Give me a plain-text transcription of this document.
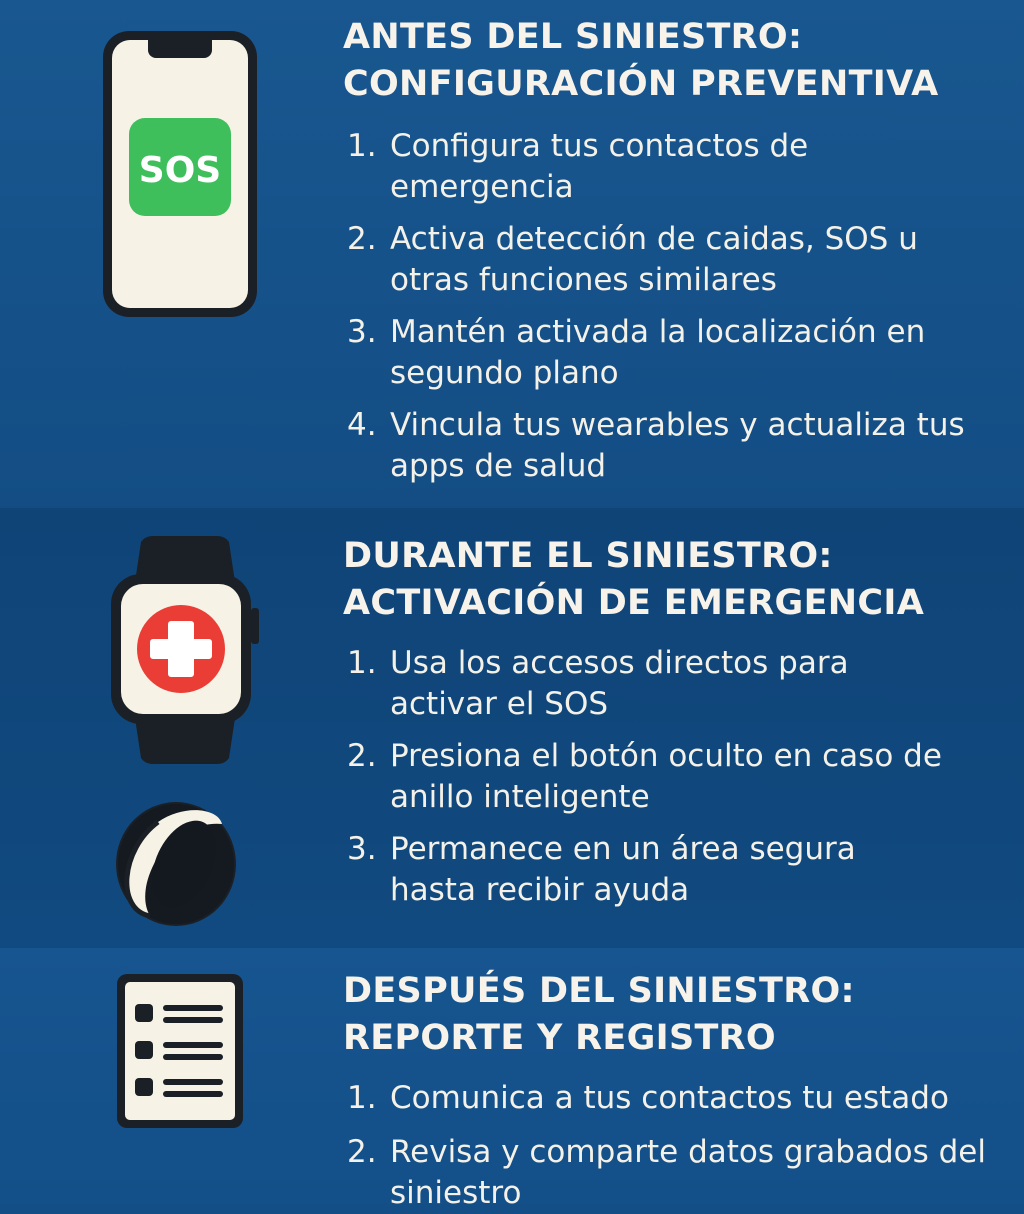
SOS
ANTES DEL SINIESTRO:
CONFIGURACIÓN PREVENTIVA
1. Configura tus contactos de emergencia
2. Activa detección de caidas, SOS u otras funciones similares
3. Mantén activada la localización en segundo plano
4. Vincula tus wearables y actualiza tus apps de salud
DURANTE EL SINIESTRO:
ACTIVACIÓN DE EMERGENCIA
1. Usa los accesos directos para activar el SOS
2. Presiona el botón oculto en caso de anillo inteligente
3. Permanece en un área segura hasta recibir ayuda
DESPUÉS DEL SINIESTRO:
REPORTE Y REGISTRO
1. Comunica a tus contactos tu estado
2. Revisa y comparte datos grabados del siniestro
